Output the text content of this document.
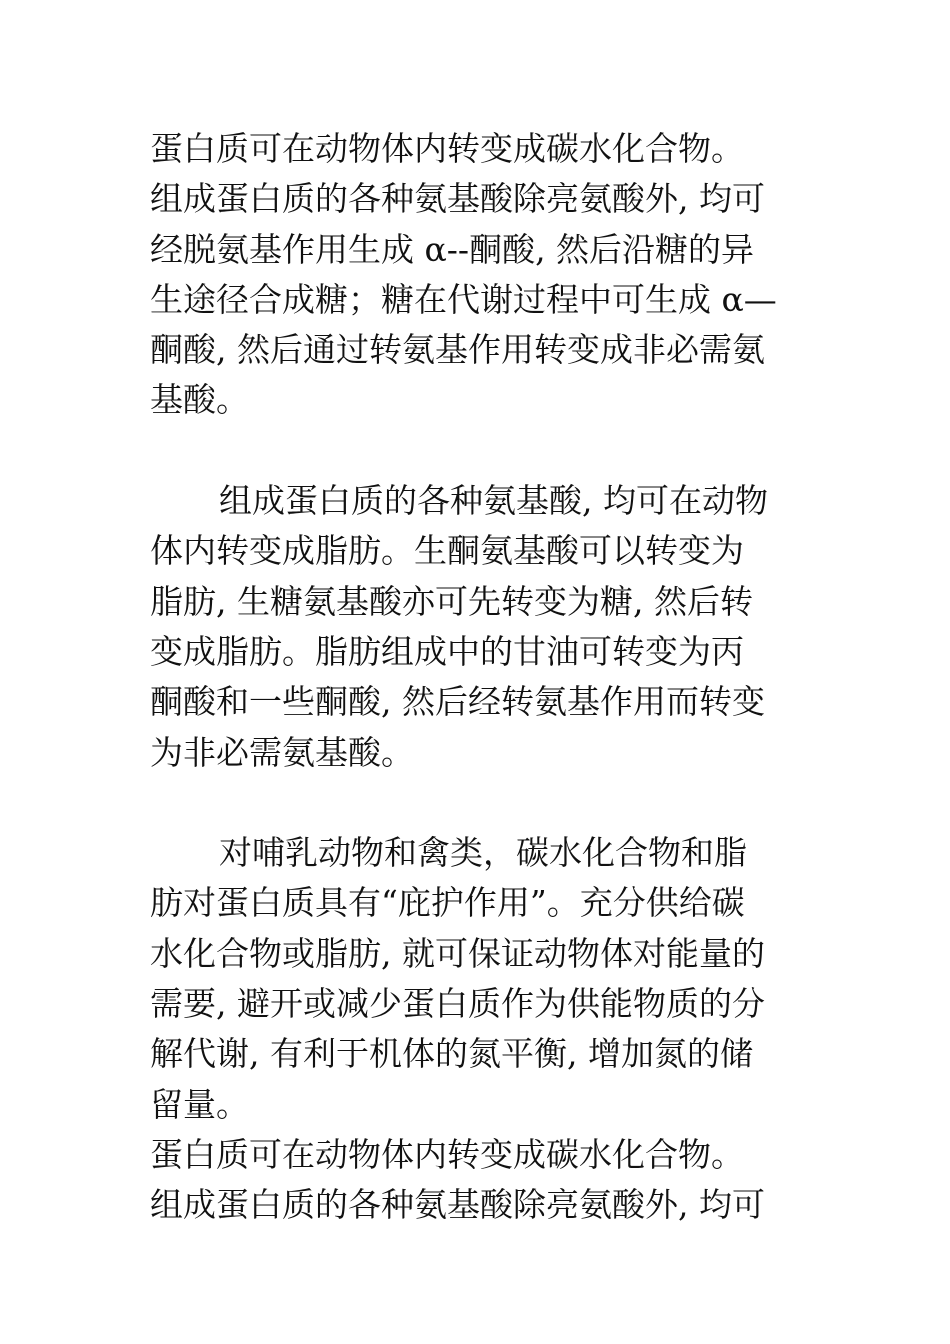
蛋白质可在动物体内转变成碳水化合物。
组成蛋白质的各种氨基酸除亮氨酸外, 均可
经脱氨基作用生成 α--酮酸, 然后沿糖的异
生途径合成糖；糖在代谢过程中可生成 α—
酮酸, 然后通过转氨基作用转变成非必需氨
基酸。
组成蛋白质的各种氨基酸, 均可在动物
体内转变成脂肪。生酮氨基酸可以转变为
脂肪, 生糖氨基酸亦可先转变为糖, 然后转
变成脂肪。脂肪组成中的甘油可转变为丙
酮酸和一些酮酸, 然后经转氨基作用而转变
为非必需氨基酸。
对哺乳动物和禽类，碳水化合物和脂
肪对蛋白质具有“庇护作用”。充分供给碳
水化合物或脂肪, 就可保证动物体对能量的
需要, 避开或减少蛋白质作为供能物质的分
解代谢, 有利于机体的氮平衡, 增加氮的储
留量。
蛋白质可在动物体内转变成碳水化合物。
组成蛋白质的各种氨基酸除亮氨酸外, 均可
